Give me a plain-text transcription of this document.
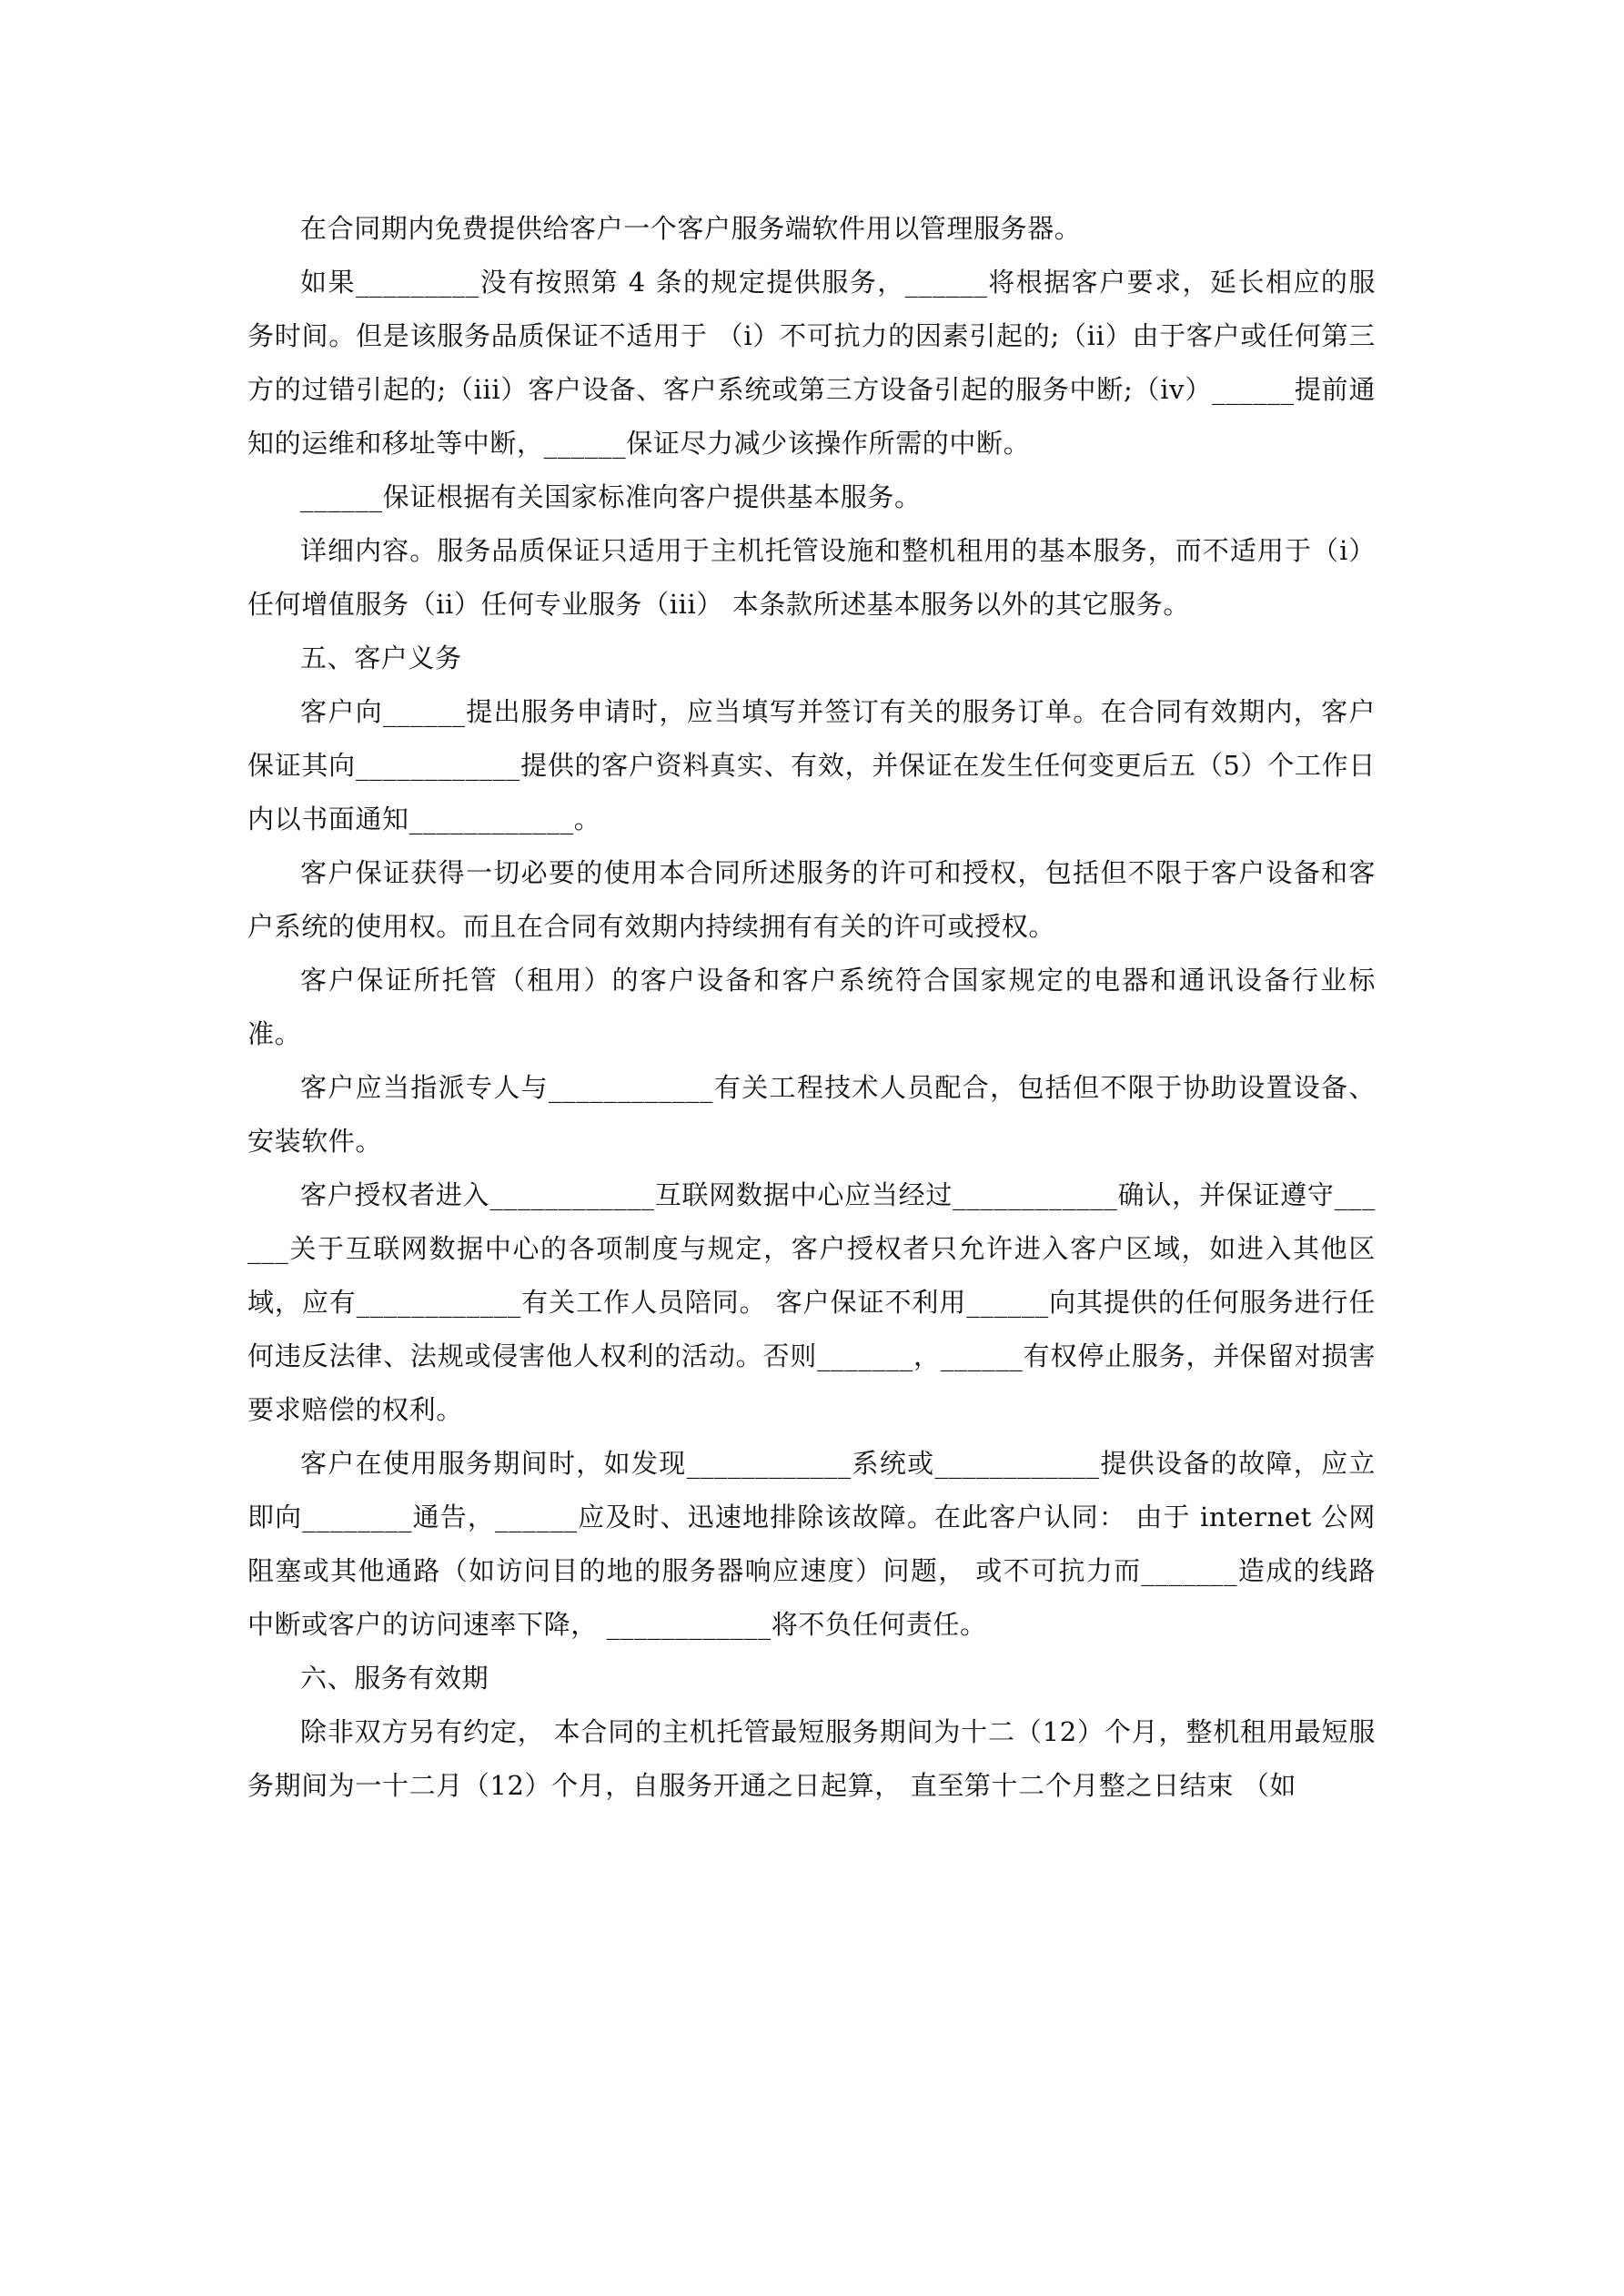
在合同期内免费提供给客户一个客户服务端软件用以管理服务器。

如果_________没有按照第 4 条的规定提供服务，______将根据客户要求，延长相应的服务时间。但是该服务品质保证不适用于 （i）不可抗力的因素引起的;（ii）由于客户或任何第三方的过错引起的;（iii）客户设备、客户系统或第三方设备引起的服务中断;（iv）______提前通知的运维和移址等中断，______保证尽力减少该操作所需的中断。

______保证根据有关国家标准向客户提供基本服务。

详细内容。服务品质保证只适用于主机托管设施和整机租用的基本服务，而不适用于（i）任何增值服务（ii）任何专业服务（iii） 本条款所述基本服务以外的其它服务。

五、客户义务

客户向______提出服务申请时，应当填写并签订有关的服务订单。在合同有效期内，客户保证其向____________提供的客户资料真实、有效，并保证在发生任何变更后五（5）个工作日内以书面通知____________。

客户保证获得一切必要的使用本合同所述服务的许可和授权，包括但不限于客户设备和客户系统的使用权。而且在合同有效期内持续拥有有关的许可或授权。

客户保证所托管（租用）的客户设备和客户系统符合国家规定的电器和通讯设备行业标准。

客户应当指派专人与____________有关工程技术人员配合，包括但不限于协助设置设备、安装软件。

客户授权者进入____________互联网数据中心应当经过____________确认，并保证遵守______关于互联网数据中心的各项制度与规定，客户授权者只允许进入客户区域，如进入其他区域，应有____________有关工作人员陪同。 客户保证不利用______向其提供的任何服务进行任何违反法律、法规或侵害他人权利的活动。否则_______，______有权停止服务，并保留对损害要求赔偿的权利。

客户在使用服务期间时，如发现____________系统或____________提供设备的故障，应立即向________通告，______应及时、迅速地排除该故障。在此客户认同： 由于 internet 公网阻塞或其他通路（如访问目的地的服务器响应速度）问题， 或不可抗力而_______造成的线路中断或客户的访问速率下降， ____________将不负任何责任。

六、服务有效期

除非双方另有约定， 本合同的主机托管最短服务期间为十二（12）个月，整机租用最短服务期间为一十二月（12）个月，自服务开通之日起算， 直至第十二个月整之日结束 （如
